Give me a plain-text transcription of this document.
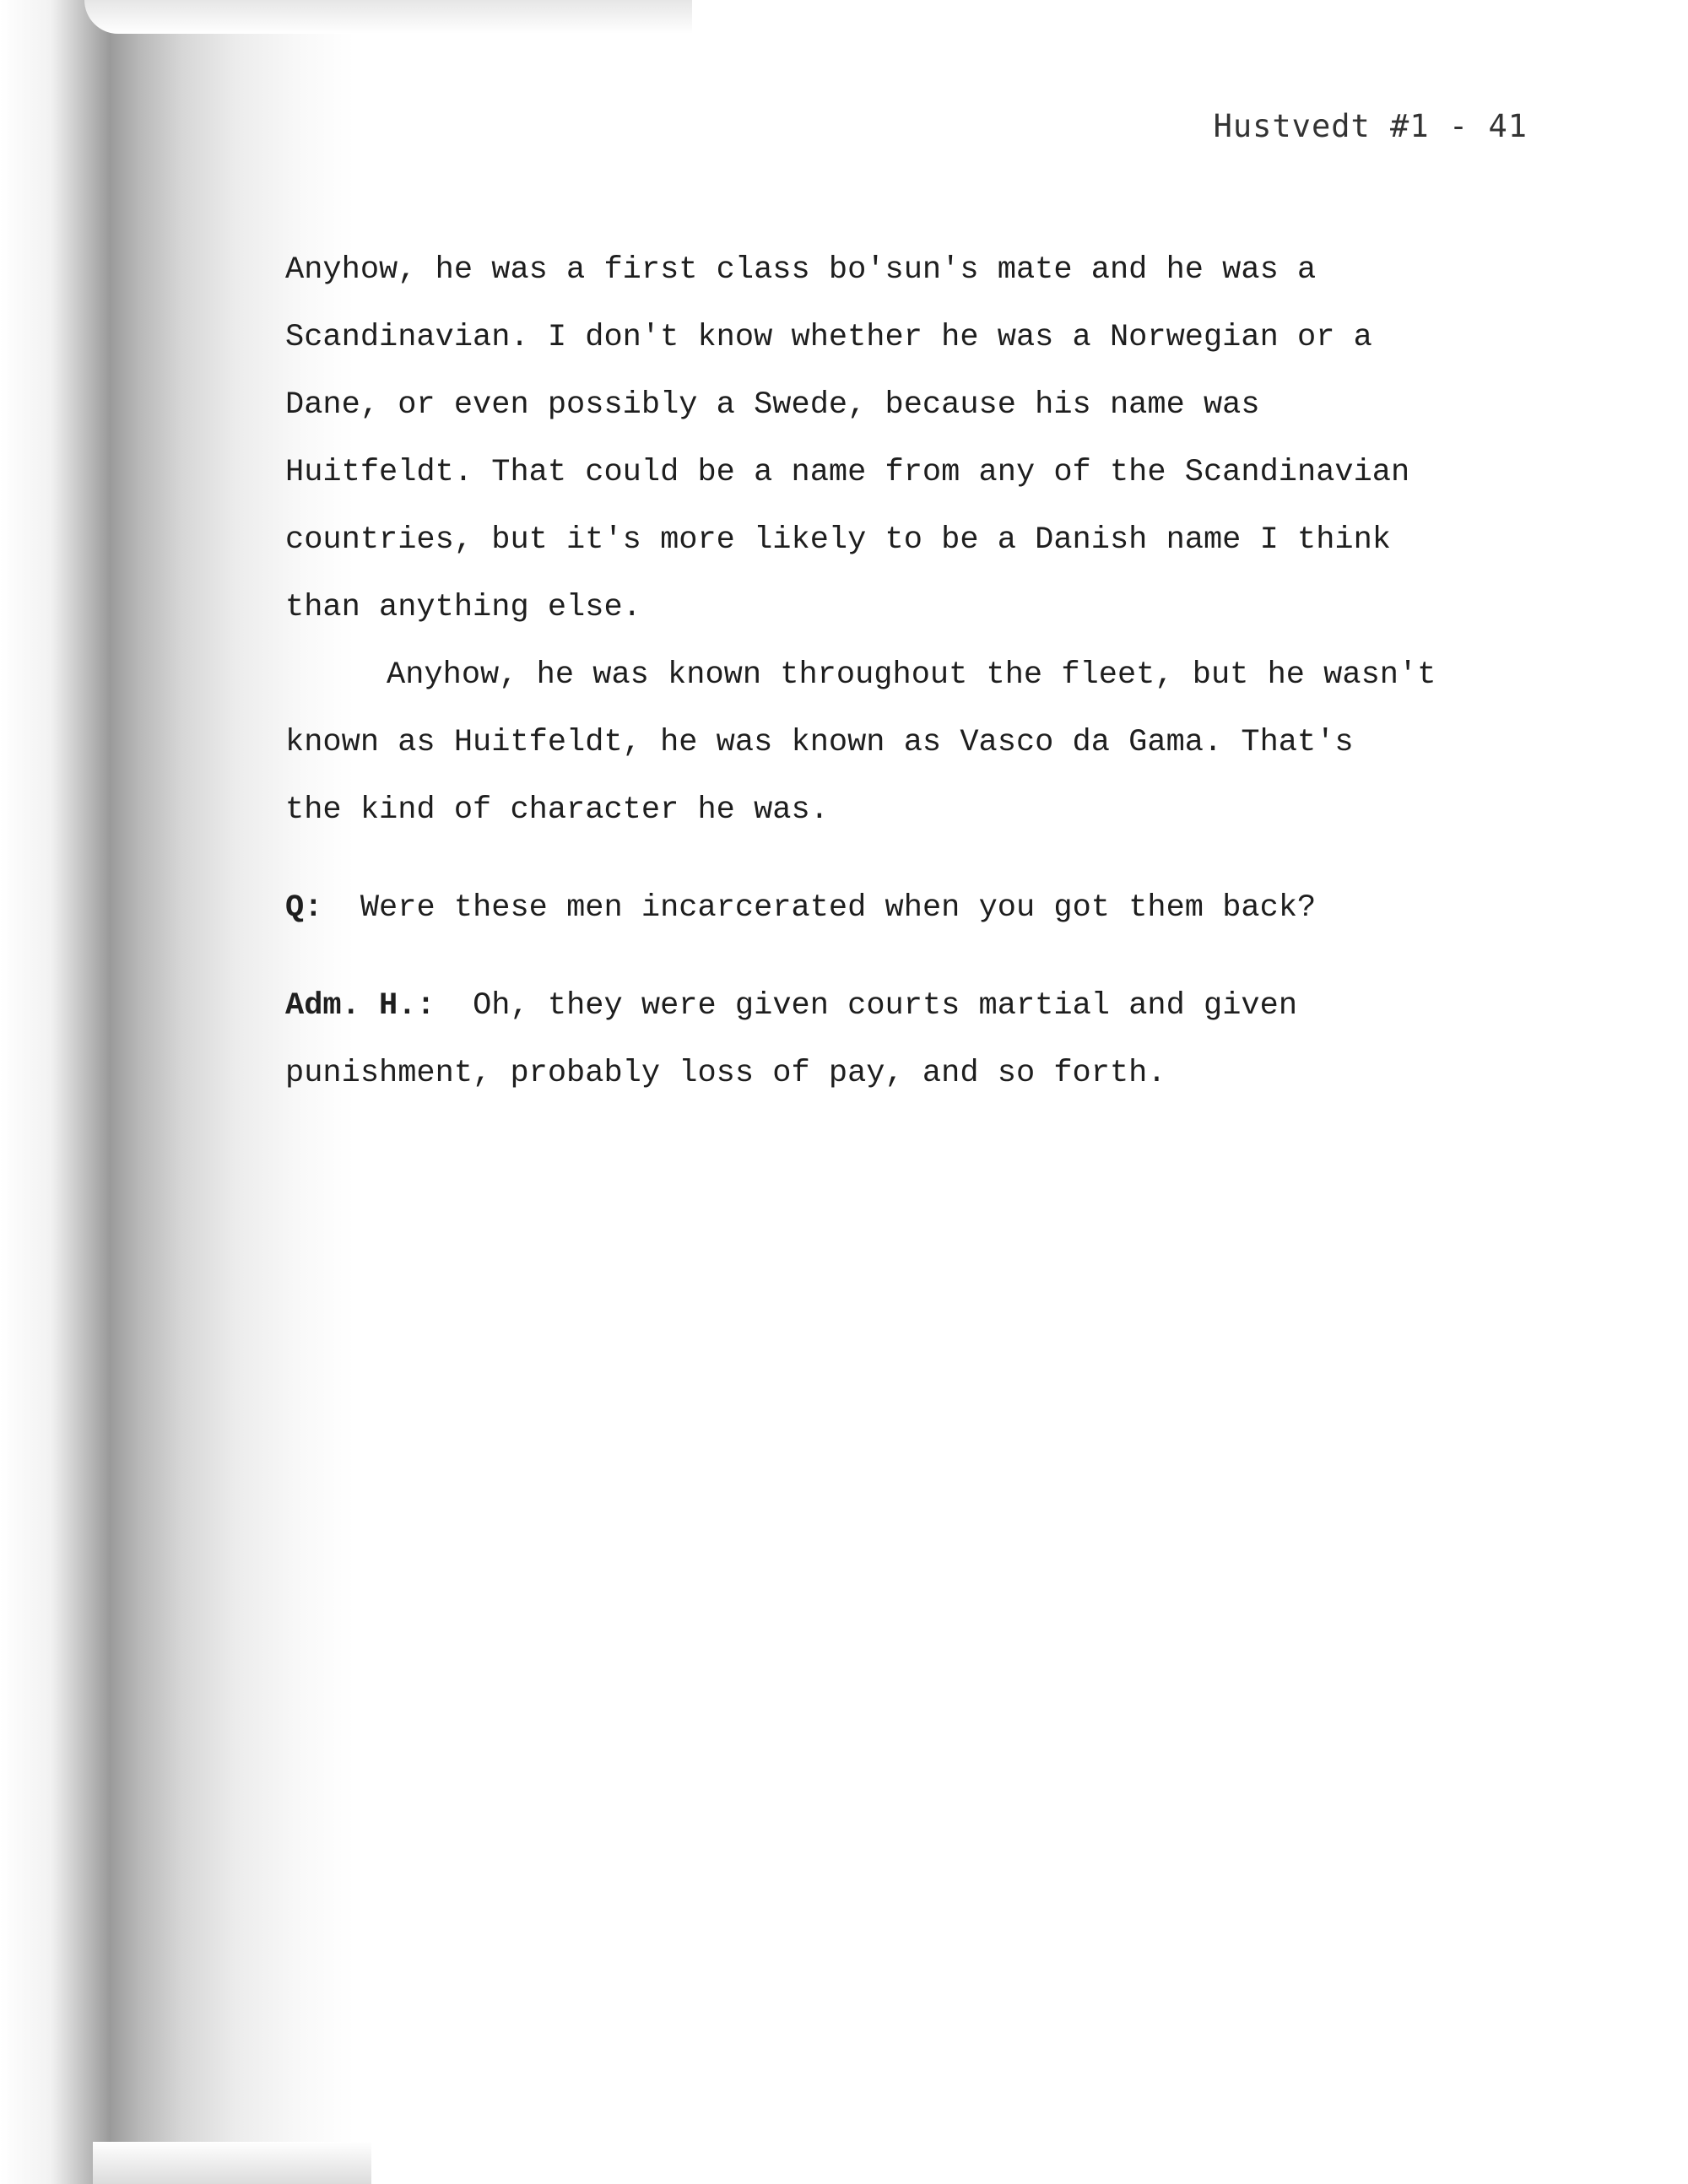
Hustvedt #1 - 41
Anyhow, he was a first class bo'sun's mate and he was a
Scandinavian. I don't know whether he was a Norwegian or a
Dane, or even possibly a Swede, because his name was
Huitfeldt. That could be a name from any of the Scandinavian
countries, but it's more likely to be a Danish name I think
than anything else.
Anyhow, he was known throughout the fleet, but he wasn't
known as Huitfeldt, he was known as Vasco da Gama. That's
the kind of character he was.
Q: Were these men incarcerated when you got them back?
Adm. H.: Oh, they were given courts martial and given
punishment, probably loss of pay, and so forth.
